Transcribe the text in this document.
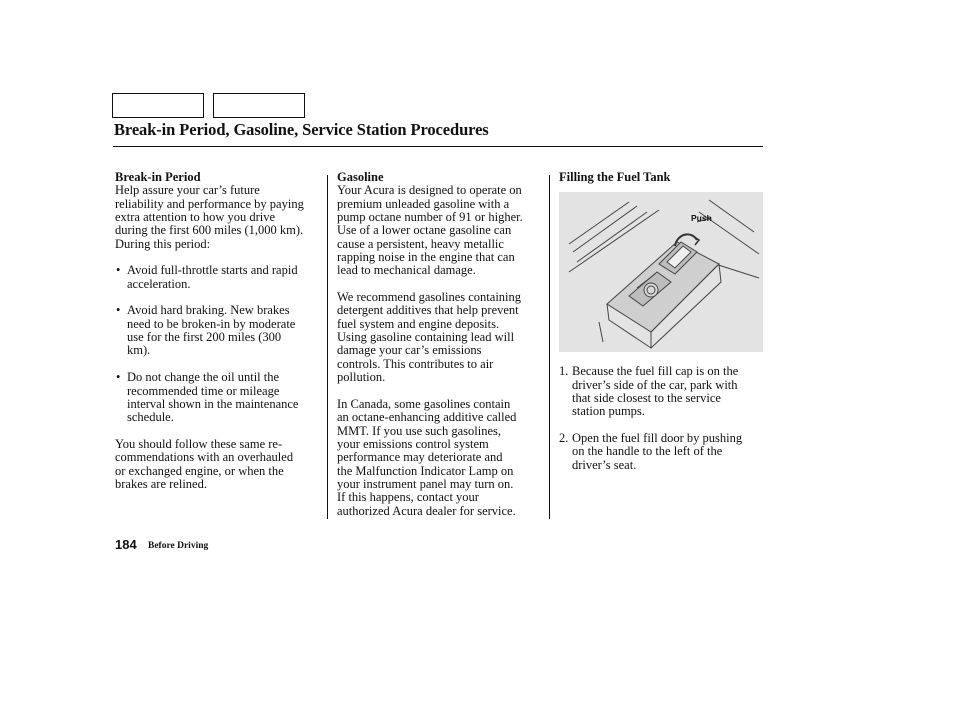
Break-in Period, Gasoline, Service Station Procedures
Break-in Period

Help assure your car’s future
reliability and performance by paying
extra attention to how you drive
during the first 600 miles (1,000 km).
During this period:

• Avoid full-throttle starts and rapid
acceleration.
• Avoid hard braking. New brakes
need to be broken-in by moderate
use for the first 200 miles (300
km).
• Do not change the oil until the
recommended time or mileage
interval shown in the maintenance
schedule.

You should follow these same re-
commendations with an overhauled
or exchanged engine, or when the
brakes are relined.

Gasoline

Your Acura is designed to operate on
premium unleaded gasoline with a
pump octane number of 91 or higher.
Use of a lower octane gasoline can
cause a persistent, heavy metallic
rapping noise in the engine that can
lead to mechanical damage.

We recommend gasolines containing
detergent additives that help prevent
fuel system and engine deposits.
Using gasoline containing lead will
damage your car’s emissions
controls. This contributes to air
pollution.

In Canada, some gasolines contain
an octane-enhancing additive called
MMT. If you use such gasolines,
your emissions control system
performance may deteriorate and
the Malfunction Indicator Lamp on
your instrument panel may turn on.
If this happens, contact your
authorized Acura dealer for service.

Filling the Fuel Tank
Push
1. Because the fuel fill cap is on the
driver’s side of the car, park with
that side closest to the service
station pumps.
2. Open the fuel fill door by pushing
on the handle to the left of the
driver’s seat.
184 Before Driving
